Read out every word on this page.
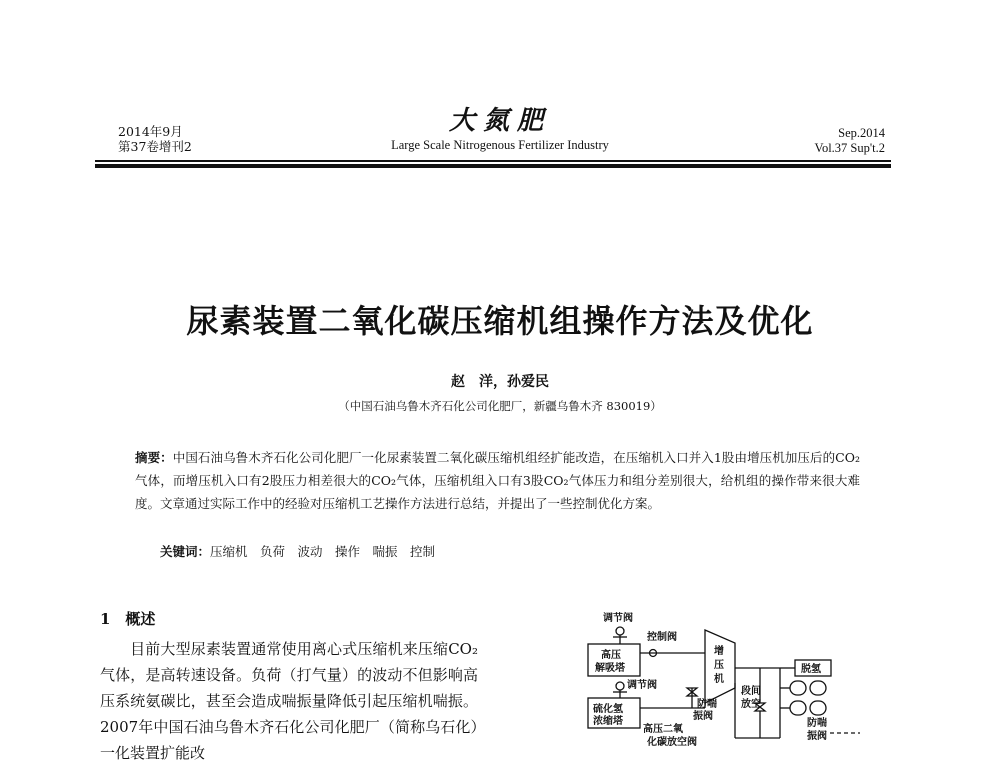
2014年9月
第37卷增刊2
大氮肥
Large Scale Nitrogenous Fertilizer Industry
Sep.2014
Vol.37 Sup't.2
尿素装置二氧化碳压缩机组操作方法及优化
赵　洋，孙爱民
（中国石油乌鲁木齐石化公司化肥厂，新疆乌鲁木齐 830019）
摘要：中国石油乌鲁木齐石化公司化肥厂一化尿素装置二氧化碳压缩机组经扩能改造，在压缩机入口并入1股由增压机加压后的CO₂气体，而增压机入口有2股压力相差很大的CO₂气体，压缩机组入口有3股CO₂气体压力和组分差别很大，给机组的操作带来很大难度。文章通过实际工作中的经验对压缩机工艺操作方法进行总结，并提出了一些控制优化方案。
关键词：压缩机　负荷　波动　操作　喘振　控制
1　概述
目前大型尿素装置通常使用离心式压缩机来压缩CO₂气体，是高转速设备。负荷（打气量）的波动不但影响高压系统氨碳比，甚至会造成喘振量降低引起压缩机喘振。2007年中国石油乌鲁木齐石化公司化肥厂（简称乌石化）一化装置扩能改
调节阀
控制阀
高压
解吸塔
增
压
机
调节阀
硫化氢
浓缩塔
防喘
振阀
段间
放空
高压二氧
化碳放空阀
脱氢
防喘
振阀
